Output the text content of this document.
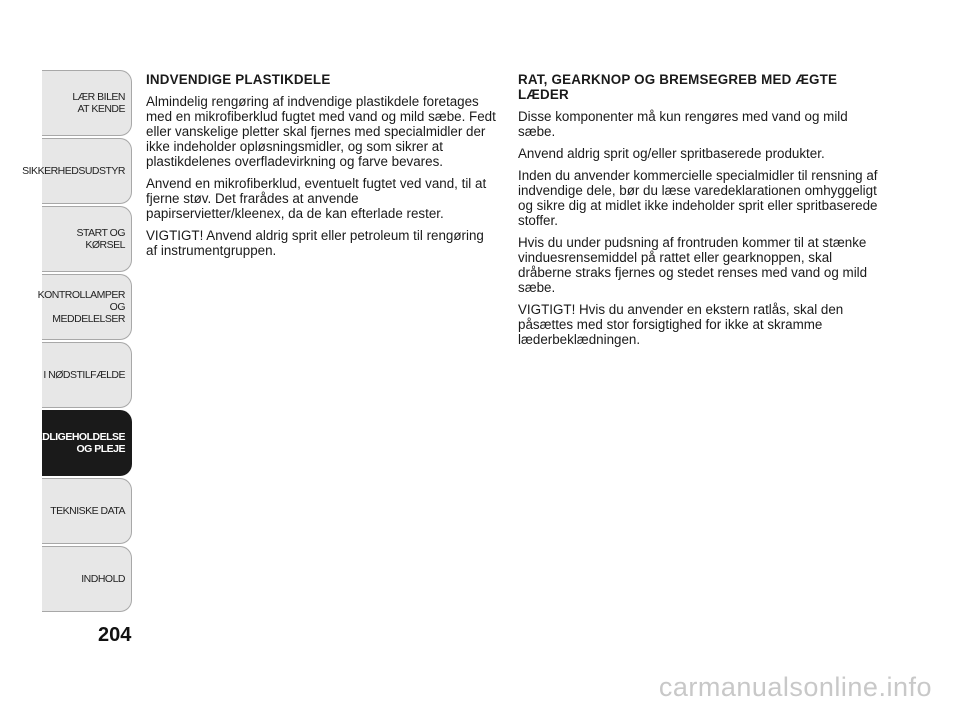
LÆR BILEN
AT KENDE
SIKKERHEDSUDSTYR
START OG KØRSEL
KONTROLLAMPER
OG MEDDELELSER
I NØDSTILFÆLDE
VEDLIGEHOLDELSE
OG PLEJE
TEKNISKE DATA
INDHOLD
204
INDVENDIGE PLASTIKDELE

Almindelig rengøring af indvendige plastikdele foretages med en mikrofiberklud fugtet med vand og mild sæbe. Fedt eller vanskelige pletter skal fjernes med specialmidler der ikke indeholder opløsningsmidler, og som sikrer at plastikdelenes overfladevirkning og farve bevares.

Anvend en mikrofiberklud, eventuelt fugtet ved vand, til at fjerne støv. Det frarådes at anvende papirservietter/kleenex, da de kan efterlade rester.

VIGTIGT! Anvend aldrig sprit eller petroleum til rengøring af instrumentgruppen.

RAT, GEARKNOP OG BREMSEGREB MED ÆGTE LÆDER

Disse komponenter må kun rengøres med vand og mild sæbe.

Anvend aldrig sprit og/eller spritbaserede produkter.

Inden du anvender kommercielle specialmidler til rensning af indvendige dele, bør du læse varedeklarationen omhyggeligt og sikre dig at midlet ikke indeholder sprit eller spritbaserede stoffer.

Hvis du under pudsning af frontruden kommer til at stænke vinduesrensemiddel på rattet eller gearknoppen, skal dråberne straks fjernes og stedet renses med vand og mild sæbe.

VIGTIGT! Hvis du anvender en ekstern ratlås, skal den påsættes med stor forsigtighed for ikke at skramme læderbeklædningen.

carmanualsonline.info
